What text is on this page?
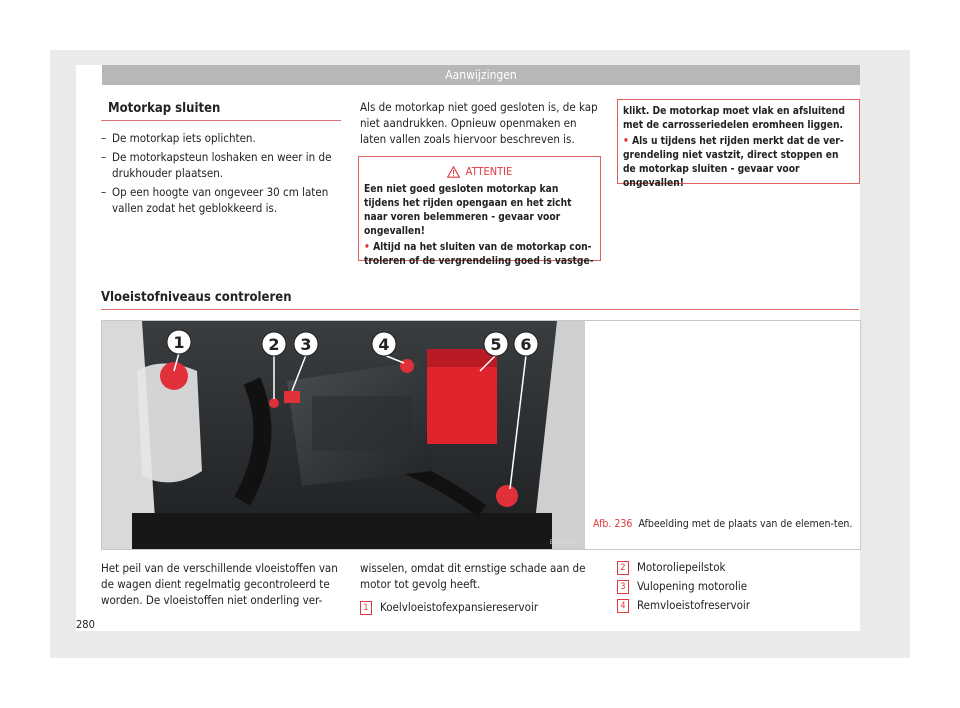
Aanwijzingen
Motorkap sluiten
– De motorkap iets oplichten.
– De motorkapsteun loshaken en weer in de drukhouder plaatsen.
– Op een hoogte van ongeveer 30 cm laten vallen zodat het geblokkeerd is.
Als de motorkap niet goed gesloten is, de kap niet aandrukken. Opnieuw openmaken en laten vallen zoals hiervoor beschreven is.
ATTENTIE
Een niet goed gesloten motorkap kan tijdens het rijden opengaan en het zicht naar voren belemmeren - gevaar voor ongevallen!
• Altijd na het sluiten van de motorkap con-troleren of de vergrendeling goed is vastge-
klikt. De motorkap moet vlak en afsluitend met de carrosseriedelen eromheen liggen.
• Als u tijdens het rijden merkt dat de ver-grendeling niet vastzit, direct stoppen en de motorkap sluiten - gevaar voor ongevallen!
Vloeistofniveaus controleren
1	2 3	4	5 6
BXJ-0076
Afb. 236 Afbeelding met de plaats van de elemen-ten.
Het peil van de verschillende vloeistoffen van de wagen dient regelmatig gecontroleerd te worden. De vloeistoffen niet onderling ver-
wisselen, omdat dit ernstige schade aan de motor tot gevolg heeft.
1 Koelvloeistofexpansiereservoir
2 Motoroliepeilstok
3 Vulopening motorolie
4 Remvloeistofreservoir
280
